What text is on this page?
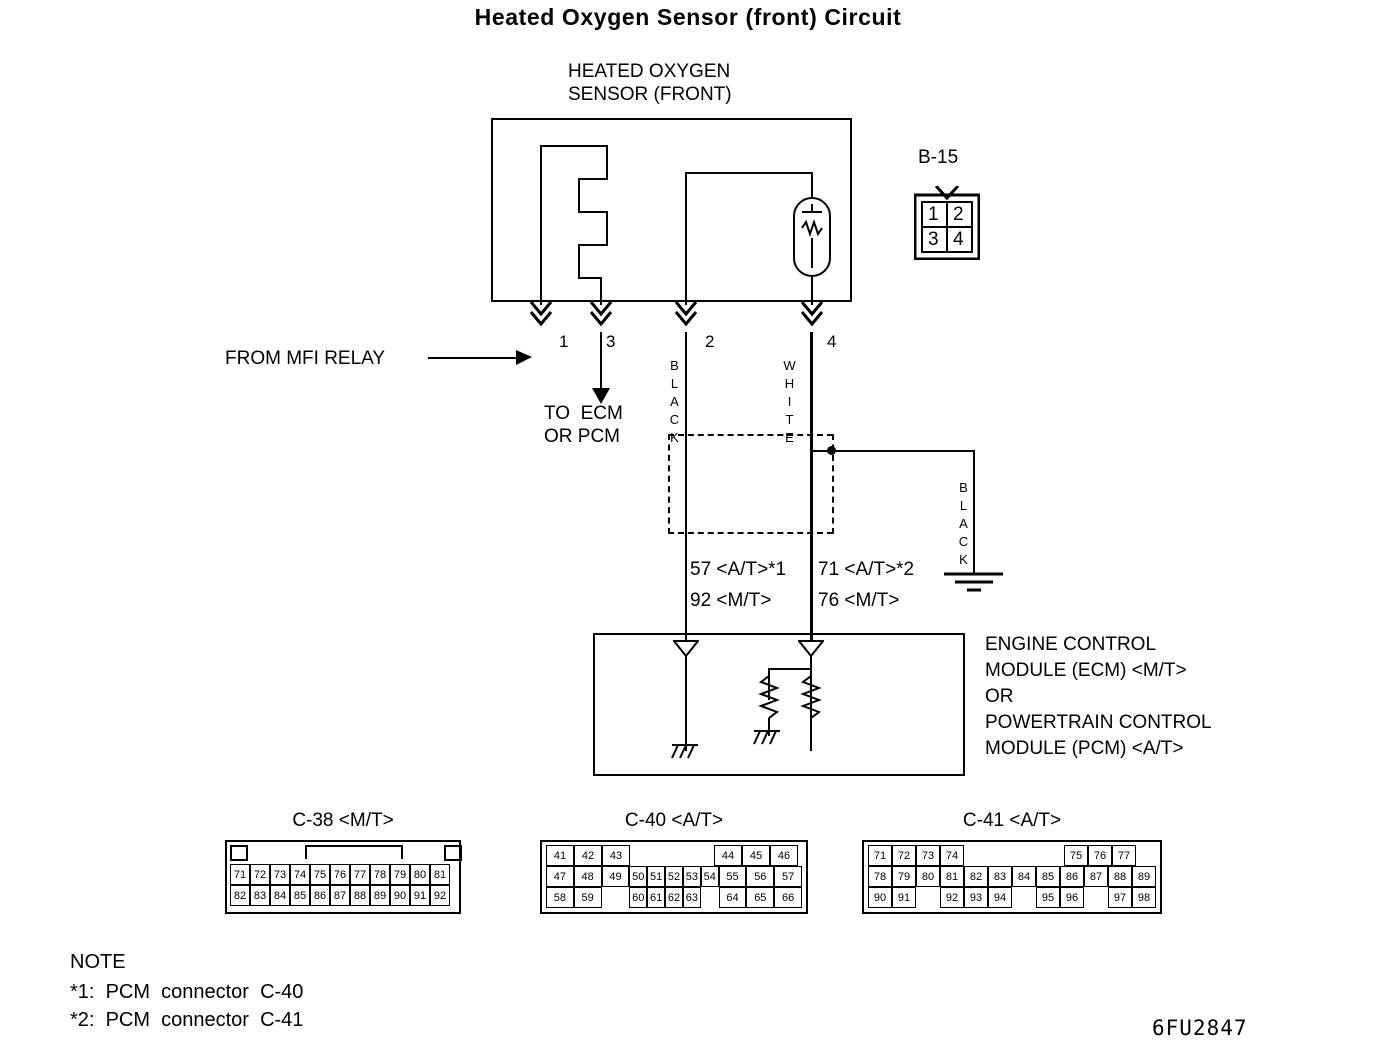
Heated Oxygen Sensor (front) Circuit
HEATED OXYGEN
SENSOR (FRONT)
B-15
1 2
3 4
1 3	2	4
FROM MFI RELAY
TO  ECM
OR PCM	BLACK	WHITE
BLACK
57 <A/T>*1
92 <M/T>
71 <A/T>*2
76 <M/T>
ENGINE CONTROL
MODULE (ECM) <M/T>
OR
POWERTRAIN CONTROL
MODULE (PCM) <A/T>
C-38 <M/T>
71 72 73 74 75 76 77 78 79 80 81
82 83 84 85 86 87 88 89 90 91 92
C-40 <A/T>
41	42	43	44	45	46
47	48	49 50 51 52 53 54 55	56	57
58	59	60 61 62 63	64	65	66
C-41 <A/T>
71	72	73	74	75	76	77
78	79	80	81	82	83	84	85	86	87	88	89
90	91	92	93	94	95	96	97	98
NOTE
*1:  PCM  connector  C-40
*2:  PCM  connector  C-41	6FU2847
